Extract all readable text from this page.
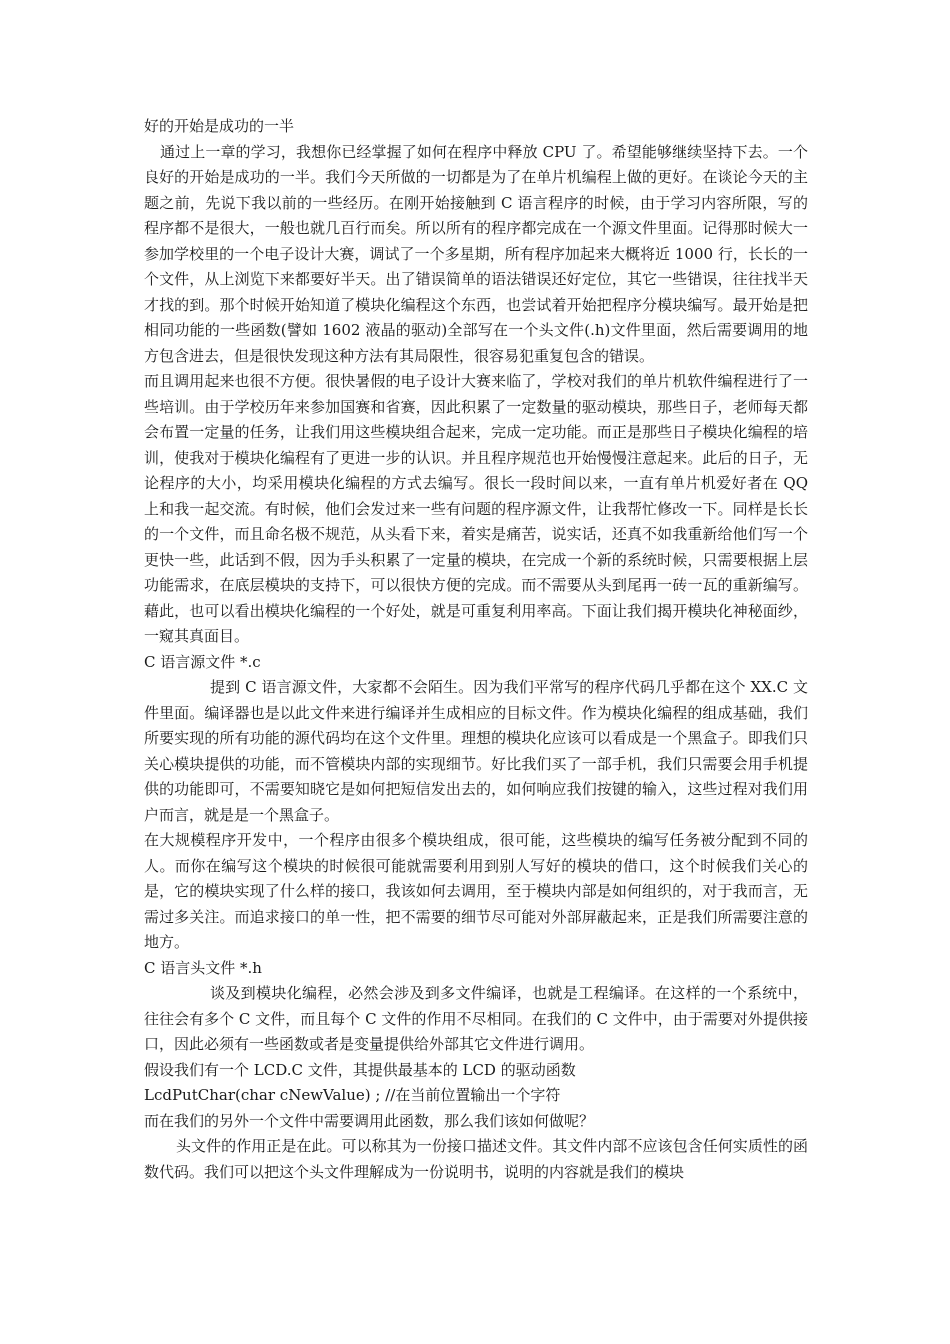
好的开始是成功的一半

通过上一章的学习，我想你已经掌握了如何在程序中释放 CPU 了。希望能够继续坚持下去。一个良好的开始是成功的一半。我们今天所做的一切都是为了在单片机编程上做的更好。在谈论今天的主题之前，先说下我以前的一些经历。在刚开始接触到 C 语言程序的时候，由于学习内容所限，写的程序都不是很大，一般也就几百行而矣。所以所有的程序都完成在一个源文件里面。记得那时候大一参加学校里的一个电子设计大赛，调试了一个多星期，所有程序加起来大概将近 1000 行，长长的一个文件，从上浏览下来都要好半天。出了错误简单的语法错误还好定位，其它一些错误，往往找半天才找的到。那个时候开始知道了模块化编程这个东西，也尝试着开始把程序分模块编写。最开始是把相同功能的一些函数(譬如 1602 液晶的驱动)全部写在一个头文件(.h)文件里面，然后需要调用的地方包含进去，但是很快发现这种方法有其局限性，很容易犯重复包含的错误。

而且调用起来也很不方便。很快暑假的电子设计大赛来临了，学校对我们的单片机软件编程进行了一些培训。由于学校历年来参加国赛和省赛，因此积累了一定数量的驱动模块，那些日子，老师每天都会布置一定量的任务，让我们用这些模块组合起来，完成一定功能。而正是那些日子模块化编程的培训，使我对于模块化编程有了更进一步的认识。并且程序规范也开始慢慢注意起来。此后的日子，无论程序的大小，均采用模块化编程的方式去编写。很长一段时间以来，一直有单片机爱好者在 QQ 上和我一起交流。有时候，他们会发过来一些有问题的程序源文件，让我帮忙修改一下。同样是长长的一个文件，而且命名极不规范，从头看下来，着实是痛苦，说实话，还真不如我重新给他们写一个更快一些，此话到不假，因为手头积累了一定量的模块，在完成一个新的系统时候，只需要根据上层功能需求，在底层模块的支持下，可以很快方便的完成。而不需要从头到尾再一砖一瓦的重新编写。藉此，也可以看出模块化编程的一个好处，就是可重复利用率高。下面让我们揭开模块化神秘面纱，一窥其真面目。

C 语言源文件 *.c

提到 C 语言源文件，大家都不会陌生。因为我们平常写的程序代码几乎都在这个 XX.C 文件里面。编译器也是以此文件来进行编译并生成相应的目标文件。作为模块化编程的组成基础，我们所要实现的所有功能的源代码均在这个文件里。理想的模块化应该可以看成是一个黑盒子。即我们只关心模块提供的功能，而不管模块内部的实现细节。好比我们买了一部手机，我们只需要会用手机提供的功能即可，不需要知晓它是如何把短信发出去的，如何响应我们按键的输入，这些过程对我们用户而言，就是是一个黑盒子。

在大规模程序开发中，一个程序由很多个模块组成，很可能，这些模块的编写任务被分配到不同的人。而你在编写这个模块的时候很可能就需要利用到别人写好的模块的借口，这个时候我们关心的是，它的模块实现了什么样的接口，我该如何去调用，至于模块内部是如何组织的，对于我而言，无需过多关注。而追求接口的单一性，把不需要的细节尽可能对外部屏蔽起来，正是我们所需要注意的地方。

C 语言头文件 *.h

谈及到模块化编程，必然会涉及到多文件编译，也就是工程编译。在这样的一个系统中，往往会有多个 C 文件，而且每个 C 文件的作用不尽相同。在我们的 C 文件中，由于需要对外提供接口，因此必须有一些函数或者是变量提供给外部其它文件进行调用。

假设我们有一个 LCD.C 文件，其提供最基本的 LCD 的驱动函数

LcdPutChar(char cNewValue) ; //在当前位置输出一个字符

而在我们的另外一个文件中需要调用此函数，那么我们该如何做呢？

头文件的作用正是在此。可以称其为一份接口描述文件。其文件内部不应该包含任何实质性的函数代码。我们可以把这个头文件理解成为一份说明书，说明的内容就是我们的模块
